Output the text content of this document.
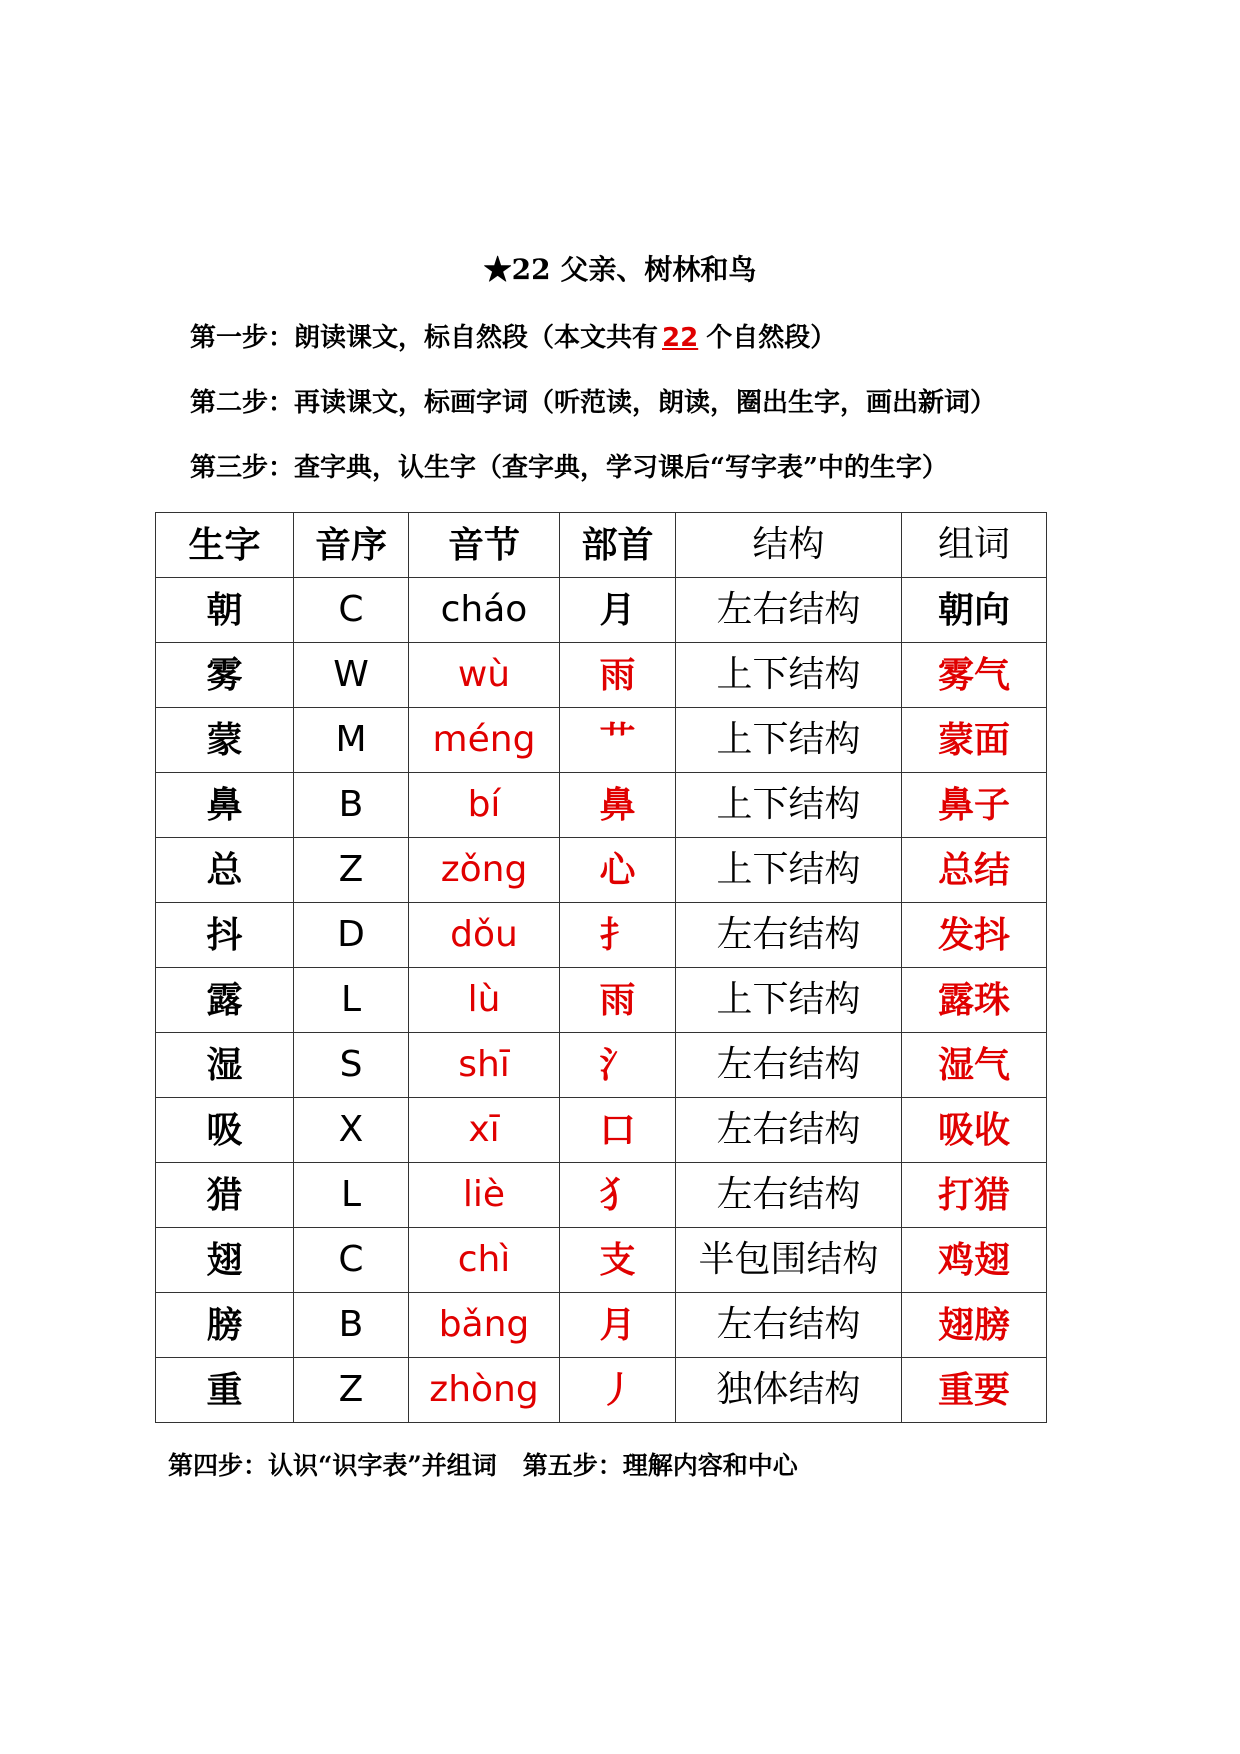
★22 父亲、树林和鸟
第一步：朗读课文，标自然段（本文共有 22 个自然段）
第二步：再读课文，标画字词（听范读，朗读，圈出生字，画出新词）
第三步：查字典，认生字（查字典，学习课后“写字表”中的生字）
生字	音序	音节	部首	结构	组词
朝	C	cháo	月	左右结构	朝向
雾	W	wù	雨	上下结构	雾气
蒙	M	méng	艹	上下结构	蒙面
鼻	B	bí	鼻	上下结构	鼻子
总	Z	zǒng	心	上下结构	总结
抖	D	dǒu	扌	左右结构	发抖
露	L	lù	雨	上下结构	露珠
湿	S	shī	氵	左右结构	湿气
吸	X	xī	口	左右结构	吸收
猎	L	liè	犭	左右结构	打猎
翅	C	chì	支	半包围结构	鸡翅
膀	B	bǎng	月	左右结构	翅膀
重	Z	zhòng	丿	独体结构	重要
第四步：认识“识字表”并组词 第五步：理解内容和中心
